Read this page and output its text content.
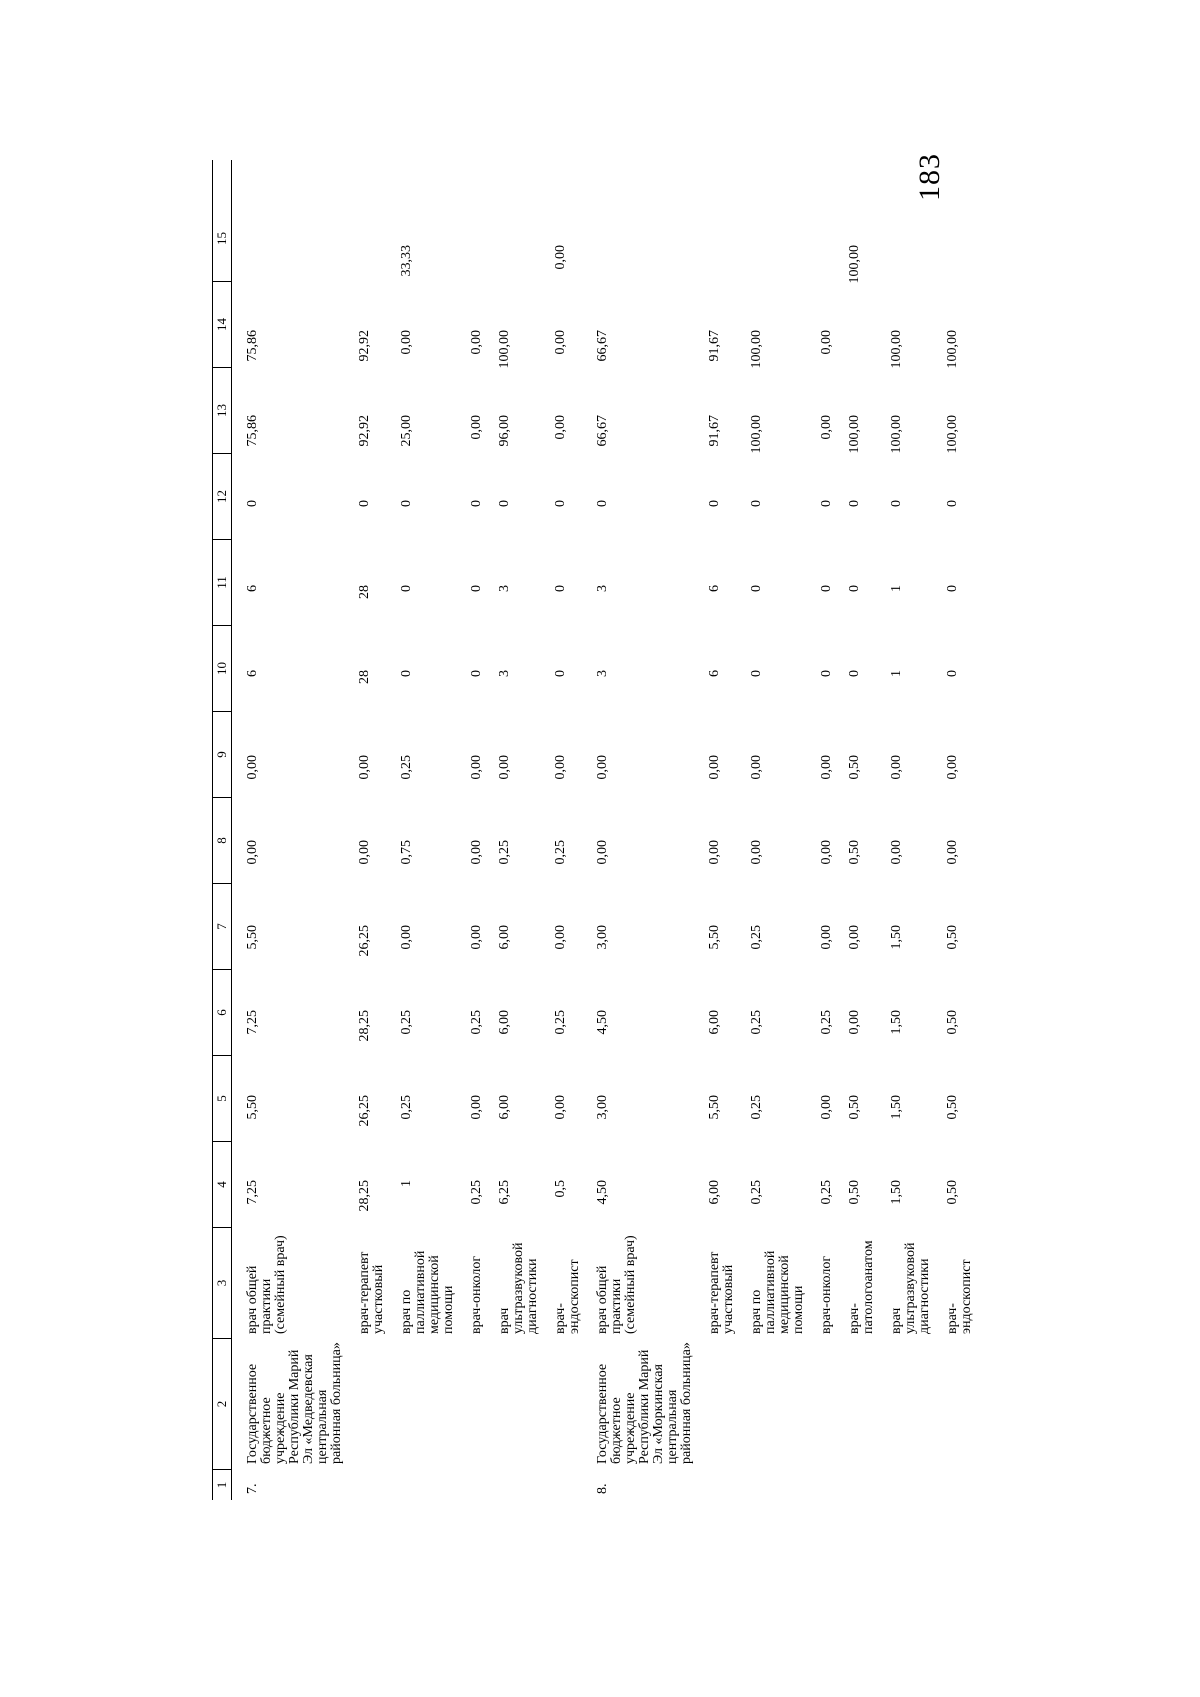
183
1
2
3
4
5
6
7
8
9
10
11
12
13
14
15
7.
Государственное бюджетное учреждение Республики Марий Эл «Медведевская центральная районная больница»
врач общей практики (семейный врач)
7,25
5,50
7,25
5,50
0,00
0,00
6
6
0
75,86
75,86
врач-терапевт участковый
28,25
26,25
28,25
26,25
0,00
0,00
28
28
0
92,92
92,92
врач по паллиативной медицинской помощи
1
0,25
0,25
0,00
0,75
0,25
0
0
0
25,00
0,00
33,33
врач-онколог
0,25
0,00
0,25
0,00
0,00
0,00
0
0
0
0,00
0,00
врач ультразвуковой диагностики
6,25
6,00
6,00
6,00
0,25
0,00
3
3
0
96,00
100,00
врач-эндоскопист
0,5
0,00
0,25
0,00
0,25
0,00
0
0
0
0,00
0,00
0,00
8.
Государственное бюджетное учреждение Республики Марий Эл «Моркинская центральная районная больница»
врач общей практики (семейный врач)
4,50
3,00
4,50
3,00
0,00
0,00
3
3
0
66,67
66,67
врач-терапевт участковый
6,00
5,50
6,00
5,50
0,00
0,00
6
6
0
91,67
91,67
врач по паллиативной медицинской помощи
0,25
0,25
0,25
0,25
0,00
0,00
0
0
0
100,00
100,00
врач-онколог
0,25
0,00
0,25
0,00
0,00
0,00
0
0
0
0,00
0,00
врач-патологоанатом
0,50
0,50
0,00
0,00
0,50
0,50
0
0
0
100,00
100,00
врач ультразвуковой диагностики
1,50
1,50
1,50
1,50
0,00
0,00
1
1
0
100,00
100,00
врач-эндоскопист
0,50
0,50
0,50
0,50
0,00
0,00
0
0
0
100,00
100,00
